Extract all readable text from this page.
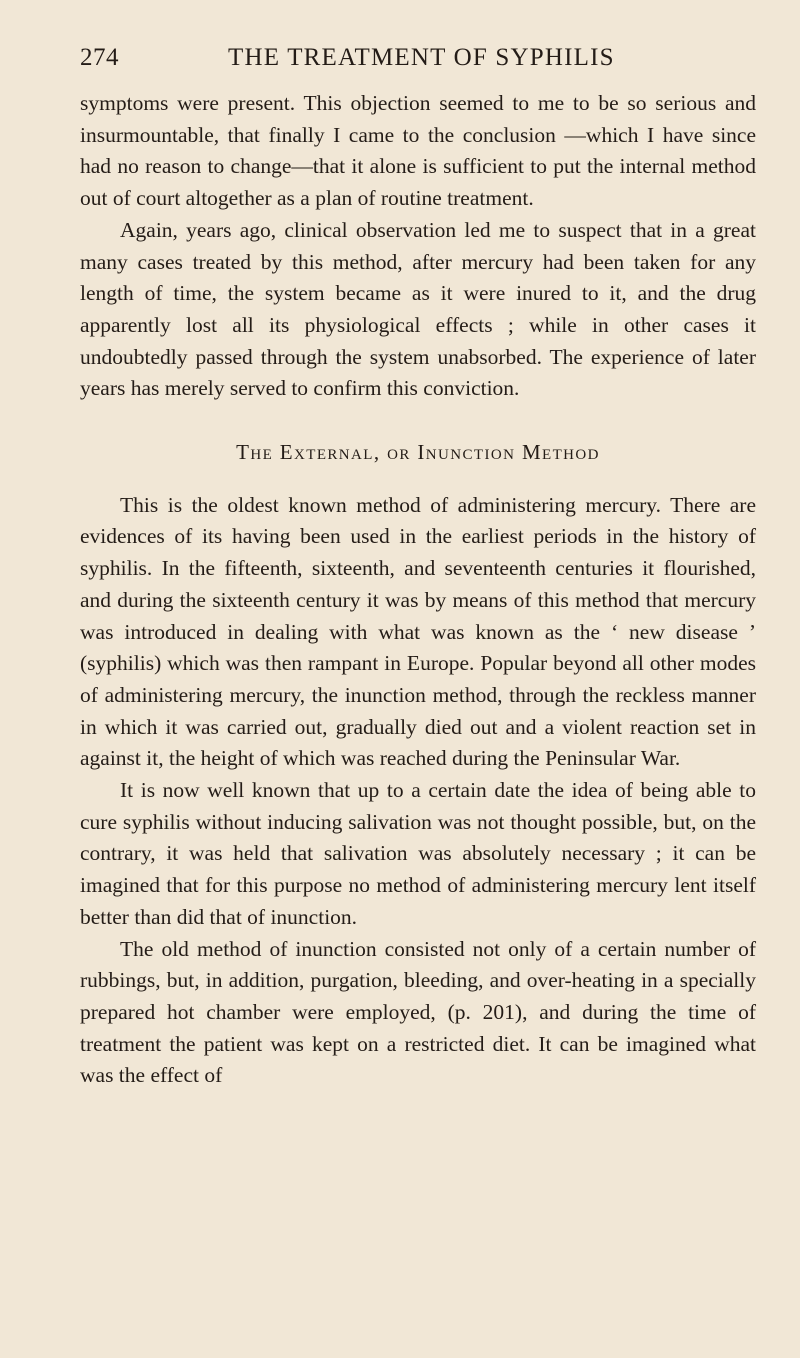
274	THE TREATMENT OF SYPHILIS

symptoms were present. This objection seemed to me to be so serious and insurmountable, that finally I came to the conclusion —which I have since had no reason to change—that it alone is sufficient to put the internal method out of court altogether as a plan of routine treatment.

Again, years ago, clinical observation led me to suspect that in a great many cases treated by this method, after mercury had been taken for any length of time, the system became as it were inured to it, and the drug apparently lost all its physiological effects ; while in other cases it undoubtedly passed through the system unabsorbed. The experience of later years has merely served to confirm this conviction.

The External, or Inunction Method

This is the oldest known method of administering mercury. There are evidences of its having been used in the earliest periods in the history of syphilis. In the fifteenth, sixteenth, and seventeenth centuries it flourished, and during the sixteenth century it was by means of this method that mercury was introduced in dealing with what was known as the ‘ new disease ’ (syphilis) which was then rampant in Europe. Popular beyond all other modes of administering mercury, the inunction method, through the reckless manner in which it was carried out, gradually died out and a violent reaction set in against it, the height of which was reached during the Peninsular War.

It is now well known that up to a certain date the idea of being able to cure syphilis without inducing salivation was not thought possible, but, on the contrary, it was held that salivation was absolutely necessary ; it can be imagined that for this purpose no method of administering mercury lent itself better than did that of inunction.

The old method of inunction consisted not only of a certain number of rubbings, but, in addition, purgation, bleeding, and over-heating in a specially prepared hot chamber were employed, (p. 201), and during the time of treatment the patient was kept on a restricted diet. It can be imagined what was the effect of
